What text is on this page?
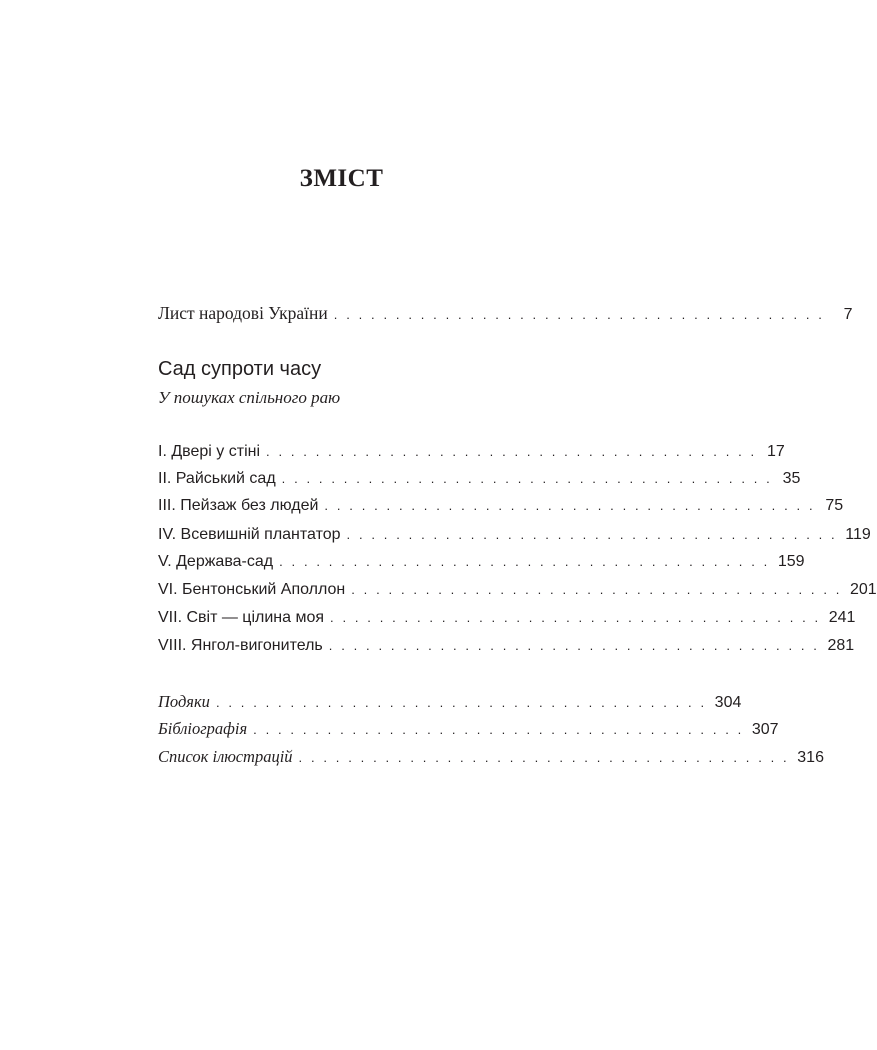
ЗМІСТ
Лист народові України . . . . . . . . . . . . . . . . . . . . . . . . . . . . . . . . . . . . . . . .	7
Сад супроти часу
У пошуках спільного раю
I. Двері у стіні . . . . . . . . . . . . . . . . . . . . . . . . . . . . . . . . . . . . . . . . 17
II. Райський сад . . . . . . . . . . . . . . . . . . . . . . . . . . . . . . . . . . . . . . . . 35
III. Пейзаж без людей . . . . . . . . . . . . . . . . . . . . . . . . . . . . . . . . . . . . . . . . 75
IV. Всевишній плантатор . . . . . . . . . . . . . . . . . . . . . . . . . . . . . . . . . . . . . . . . 119
V. Держава-сад . . . . . . . . . . . . . . . . . . . . . . . . . . . . . . . . . . . . . . . . 159
VI. Бентонський Аполлон . . . . . . . . . . . . . . . . . . . . . . . . . . . . . . . . . . . . . . . . 201
VII. Світ — цілина моя . . . . . . . . . . . . . . . . . . . . . . . . . . . . . . . . . . . . . . . . 241
VIII. Янгол-вигонитель . . . . . . . . . . . . . . . . . . . . . . . . . . . . . . . . . . . . . . . . 281
Подяки . . . . . . . . . . . . . . . . . . . . . . . . . . . . . . . . . . . . . . . . 304
Бібліографія . . . . . . . . . . . . . . . . . . . . . . . . . . . . . . . . . . . . . . . . 307
Список ілюстрацій . . . . . . . . . . . . . . . . . . . . . . . . . . . . . . . . . . . . . . . . 316
